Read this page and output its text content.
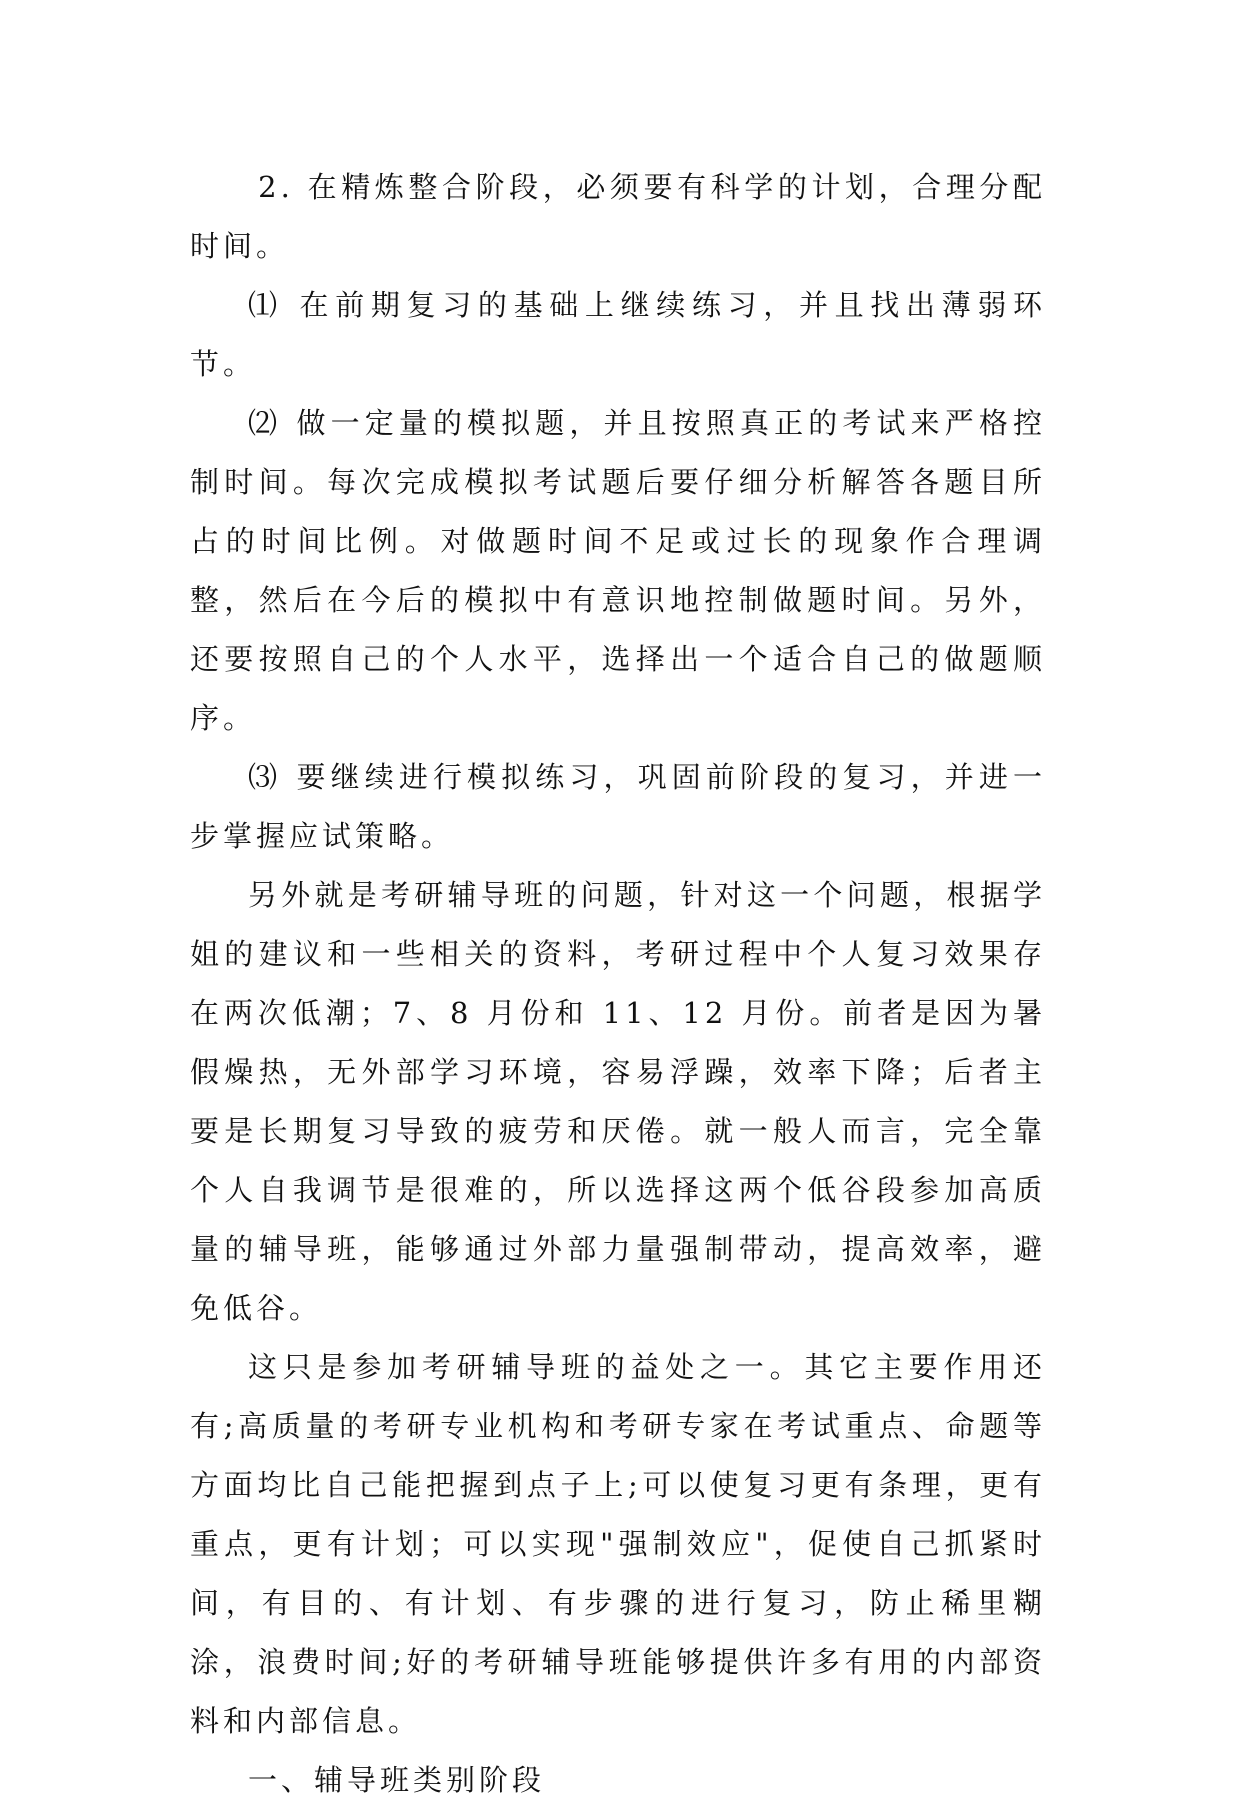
2. 在精炼整合阶段，必须要有科学的计划，合理分配时间。

⑴ 在前期复习的基础上继续练习，并且找出薄弱环节。

⑵ 做一定量的模拟题，并且按照真正的考试来严格控制时间。每次完成模拟考试题后要仔细分析解答各题目所占的时间比例。对做题时间不足或过长的现象作合理调整，然后在今后的模拟中有意识地控制做题时间。另外，还要按照自己的个人水平，选择出一个适合自己的做题顺序。

⑶ 要继续进行模拟练习，巩固前阶段的复习，并进一步掌握应试策略。

另外就是考研辅导班的问题，针对这一个问题，根据学姐的建议和一些相关的资料，考研过程中个人复习效果存在两次低潮；7、8 月份和 11、12 月份。前者是因为暑假燥热，无外部学习环境，容易浮躁，效率下降；后者主要是长期复习导致的疲劳和厌倦。就一般人而言，完全靠个人自我调节是很难的，所以选择这两个低谷段参加高质量的辅导班，能够通过外部力量强制带动，提高效率，避免低谷。

这只是参加考研辅导班的益处之一。其它主要作用还有;高质量的考研专业机构和考研专家在考试重点、命题等方面均比自己能把握到点子上;可以使复习更有条理，更有重点，更有计划；可以实现"强制效应"，促使自己抓紧时间，有目的、有计划、有步骤的进行复习，防止稀里糊涂，浪费时间;好的考研辅导班能够提供许多有用的内部资料和内部信息。

一、辅导班类别阶段
